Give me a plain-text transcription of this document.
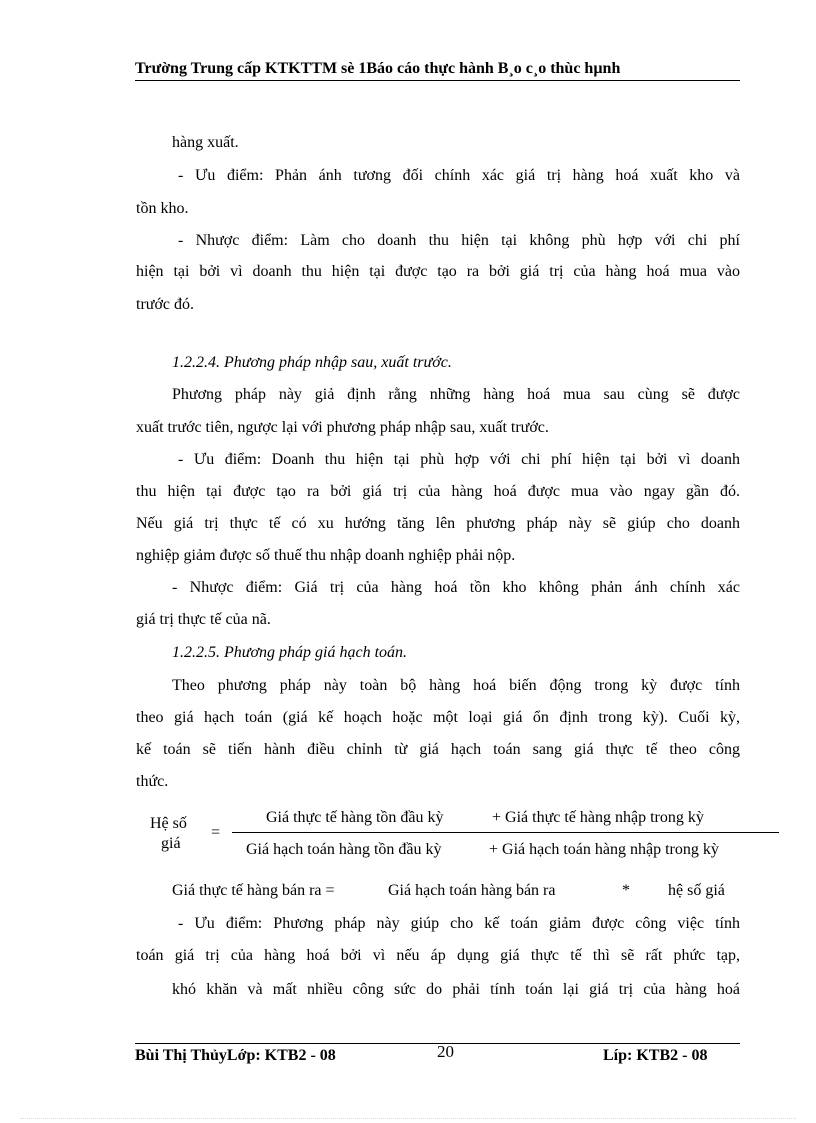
Trường Trung cấp KTKTTM sè 1Báo cáo thực hành B¸o c¸o thùc hµnh
hàng xuất.
- Ưu điểm: Phản ánh tương đối chính xác giá trị hàng hoá xuất kho và
tồn kho.
- Nhược điểm: Làm cho doanh thu hiện tại không phù hợp với chi phí
hiện tại bởi vì doanh thu hiện tại được tạo ra bởi giá trị của hàng hoá mua vào
trước đó.
1.2.2.4. Phương pháp nhập sau, xuất trước.
Phương pháp này giả định rằng những hàng hoá mua sau cùng sẽ được
xuất trước tiên, ngược lại với phương pháp nhập sau, xuất trước.
- Ưu điểm: Doanh thu hiện tại phù hợp với chi phí hiện tại bởi vì doanh
thu hiện tại được tạo ra bởi giá trị của hàng hoá được mua vào ngay gần đó.
Nếu giá trị thực tế có xu hướng tăng lên phương pháp này sẽ giúp cho doanh
nghiệp giảm được số thuế thu nhập doanh nghiệp phải nộp.
- Nhược điểm: Giá trị của hàng hoá tồn kho không phản ánh chính xác
giá trị thực tế của nã.
1.2.2.5. Phương pháp giá hạch toán.
Theo phương pháp này toàn bộ hàng hoá biến động trong kỳ được tính
theo giá hạch toán (giá kế hoạch hoặc một loại giá ổn định trong kỳ). Cuối kỳ,
kế toán sẽ tiến hành điều chỉnh từ giá hạch toán sang giá thực tế theo công
thức.
Hệ số
giá
=
Giá thực tế hàng tồn đầu kỳ	+ Giá thực tế hàng nhập trong kỳ
Giá hạch toán hàng tồn đầu kỳ	+ Giá hạch toán hàng nhập trong kỳ
Giá thực tế hàng bán ra =	Giá hạch toán hàng bán ra	* hệ số giá
- Ưu điểm: Phương pháp này giúp cho kế toán giảm được công việc tính
toán giá trị của hàng hoá bởi vì nếu áp dụng giá thực tế thì sẽ rất phức tạp,
khó khăn và mất nhiều công sức do phải tính toán lại giá trị của hàng hoá
Bùi Thị ThủyLớp: KTB2 - 08	20	Líp: KTB2 - 08
